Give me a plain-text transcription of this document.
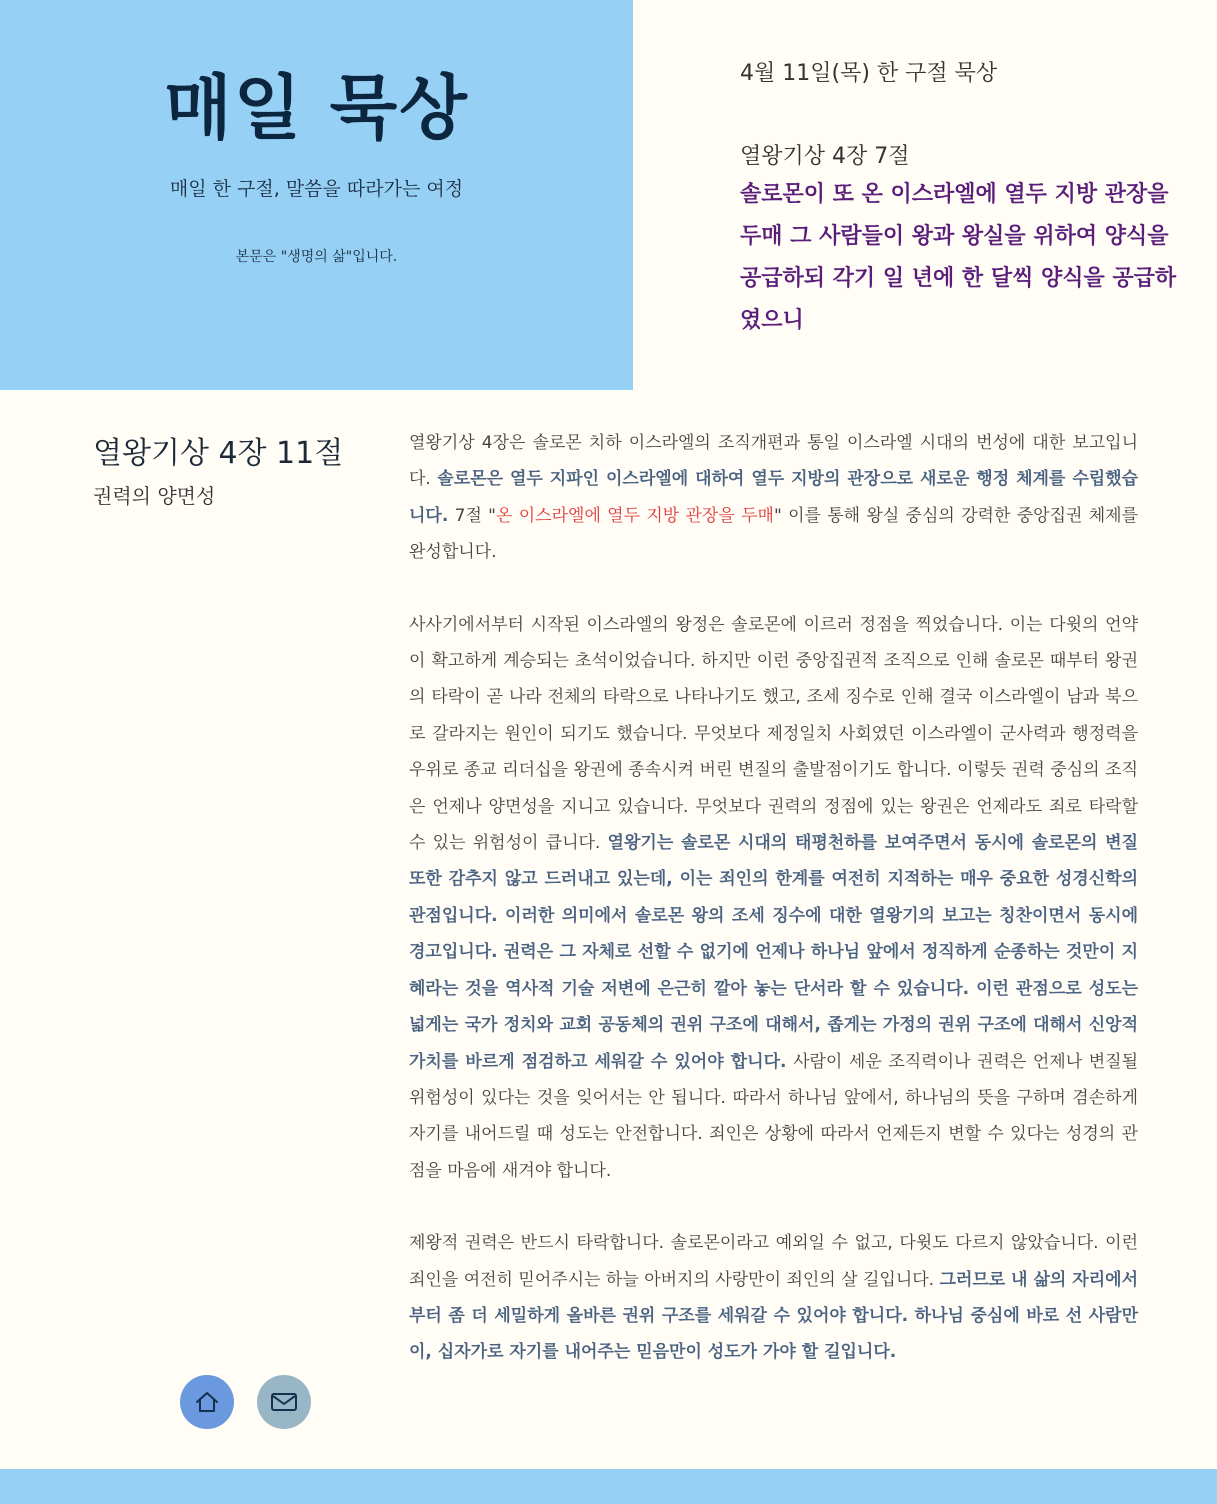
매일 묵상
매일 한 구절, 말씀을 따라가는 여정
본문은 "생명의 삶"입니다.
4월 11일(목) 한 구절 묵상
열왕기상 4장 7절
솔로몬이 또 온 이스라엘에 열두 지방 관장을 두매 그 사람들이 왕과 왕실을 위하여 양식을 공급하되 각기 일 년에 한 달씩 양식을 공급하였으니
열왕기상 4장 11절
권력의 양면성

열왕기상 4장은 솔로몬 치하 이스라엘의 조직개편과 통일 이스라엘 시대의 번성에 대한 보고입니다. 솔로몬은 열두 지파인 이스라엘에 대하여 열두 지방의 관장으로 새로운 행정 체계를 수립했습니다. 7절 "온 이스라엘에 열두 지방 관장을 두매" 이를 통해 왕실 중심의 강력한 중앙집권 체제를 완성합니다.

사사기에서부터 시작된 이스라엘의 왕정은 솔로몬에 이르러 정점을 찍었습니다. 이는 다윗의 언약이 확고하게 계승되는 초석이었습니다. 하지만 이런 중앙집권적 조직으로 인해 솔로몬 때부터 왕권의 타락이 곧 나라 전체의 타락으로 나타나기도 했고, 조세 징수로 인해 결국 이스라엘이 남과 북으로 갈라지는 원인이 되기도 했습니다. 무엇보다 제정일치 사회였던 이스라엘이 군사력과 행정력을 우위로 종교 리더십을 왕권에 종속시켜 버린 변질의 출발점이기도 합니다. 이렇듯 권력 중심의 조직은 언제나 양면성을 지니고 있습니다. 무엇보다 권력의 정점에 있는 왕권은 언제라도 죄로 타락할 수 있는 위험성이 큽니다. 열왕기는 솔로몬 시대의 태평천하를 보여주면서 동시에 솔로몬의 변질 또한 감추지 않고 드러내고 있는데, 이는 죄인의 한계를 여전히 지적하는 매우 중요한 성경신학의 관점입니다. 이러한 의미에서 솔로몬 왕의 조세 징수에 대한 열왕기의 보고는 칭찬이면서 동시에 경고입니다. 권력은 그 자체로 선할 수 없기에 언제나 하나님 앞에서 정직하게 순종하는 것만이 지혜라는 것을 역사적 기술 저변에 은근히 깔아 놓는 단서라 할 수 있습니다. 이런 관점으로 성도는 넓게는 국가 정치와 교회 공동체의 권위 구조에 대해서, 좁게는 가정의 권위 구조에 대해서 신앙적 가치를 바르게 점검하고 세워갈 수 있어야 합니다. 사람이 세운 조직력이나 권력은 언제나 변질될 위험성이 있다는 것을 잊어서는 안 됩니다. 따라서 하나님 앞에서, 하나님의 뜻을 구하며 겸손하게 자기를 내어드릴 때 성도는 안전합니다. 죄인은 상황에 따라서 언제든지 변할 수 있다는 성경의 관점을 마음에 새겨야 합니다.

제왕적 권력은 반드시 타락합니다. 솔로몬이라고 예외일 수 없고, 다윗도 다르지 않았습니다. 이런 죄인을 여전히 믿어주시는 하늘 아버지의 사랑만이 죄인의 살 길입니다. 그러므로 내 삶의 자리에서부터 좀 더 세밀하게 올바른 권위 구조를 세워갈 수 있어야 합니다. 하나님 중심에 바로 선 사람만이, 십자가로 자기를 내어주는 믿음만이 성도가 가야 할 길입니다.
